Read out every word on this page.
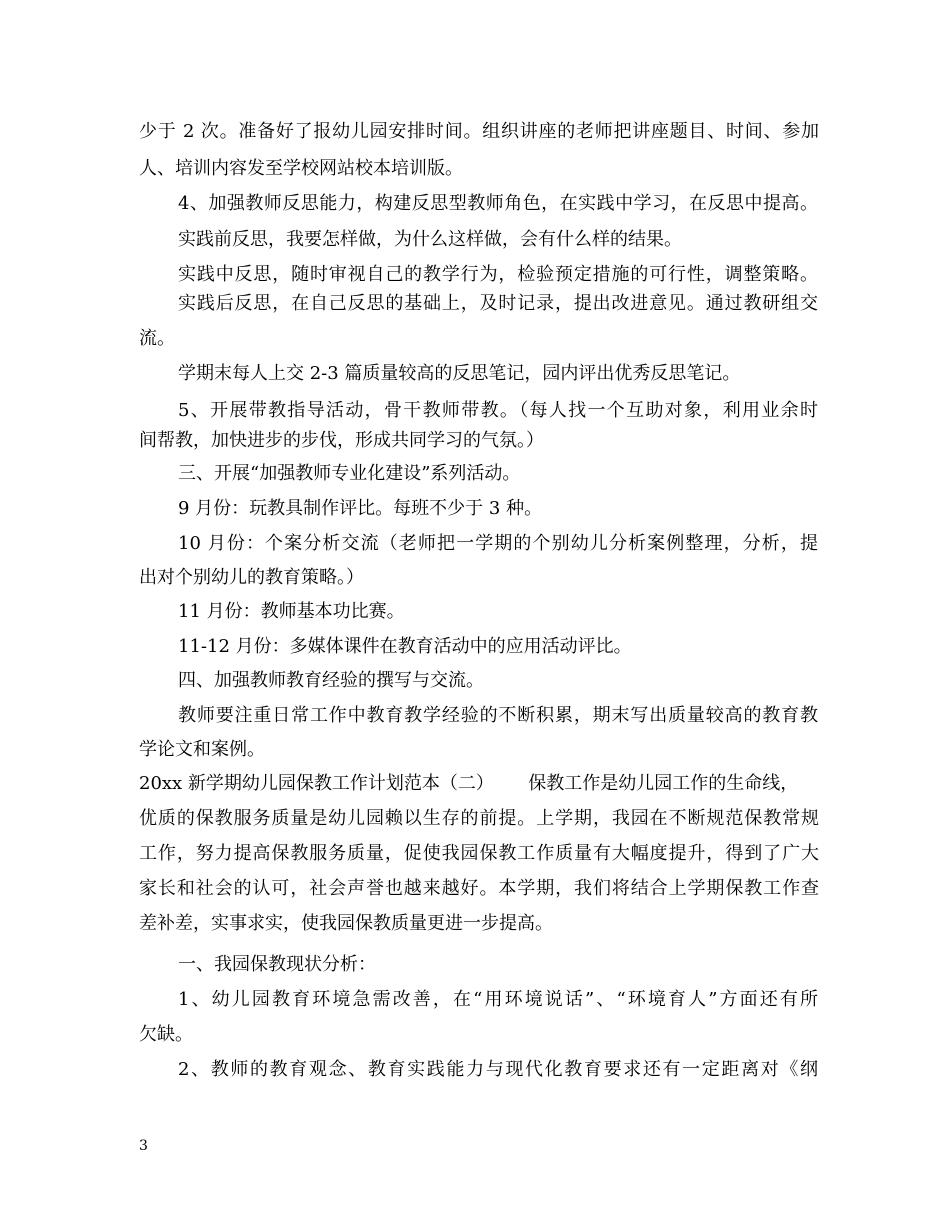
少于 2 次。准备好了报幼儿园安排时间。组织讲座的老师把讲座题目、时间、参加
人、培训内容发至学校网站校本培训版。
4、加强教师反思能力，构建反思型教师角色，在实践中学习，在反思中提高。
实践前反思，我要怎样做，为什么这样做，会有什么样的结果。
实践中反思，随时审视自己的教学行为，检验预定措施的可行性，调整策略。
实践后反思，在自己反思的基础上，及时记录，提出改进意见。通过教研组交
流。
学期末每人上交 2-3 篇质量较高的反思笔记，园内评出优秀反思笔记。
5、开展带教指导活动，骨干教师带教。（每人找一个互助对象，利用业余时
间帮教，加快进步的步伐，形成共同学习的气氛。）
三、开展“加强教师专业化建设”系列活动。
9 月份：玩教具制作评比。每班不少于 3 种。
10 月份：个案分析交流（老师把一学期的个别幼儿分析案例整理，分析，提
出对个别幼儿的教育策略。）
11 月份：教师基本功比赛。
11-12 月份：多媒体课件在教育活动中的应用活动评比。
四、加强教师教育经验的撰写与交流。
教师要注重日常工作中教育教学经验的不断积累，期末写出质量较高的教育教
学论文和案例。
20xx 新学期幼儿园保教工作计划范本（二）      保教工作是幼儿园工作的生命线，
优质的保教服务质量是幼儿园赖以生存的前提。上学期，我园在不断规范保教常规
工作，努力提高保教服务质量，促使我园保教工作质量有大幅度提升，得到了广大
家长和社会的认可，社会声誉也越来越好。本学期，我们将结合上学期保教工作查
差补差，实事求实，使我园保教质量更进一步提高。
一、我园保教现状分析：
1、幼儿园教育环境急需改善，在“用环境说话”、“环境育人”方面还有所
欠缺。
2、教师的教育观念、教育实践能力与现代化教育要求还有一定距离对《纲
3
